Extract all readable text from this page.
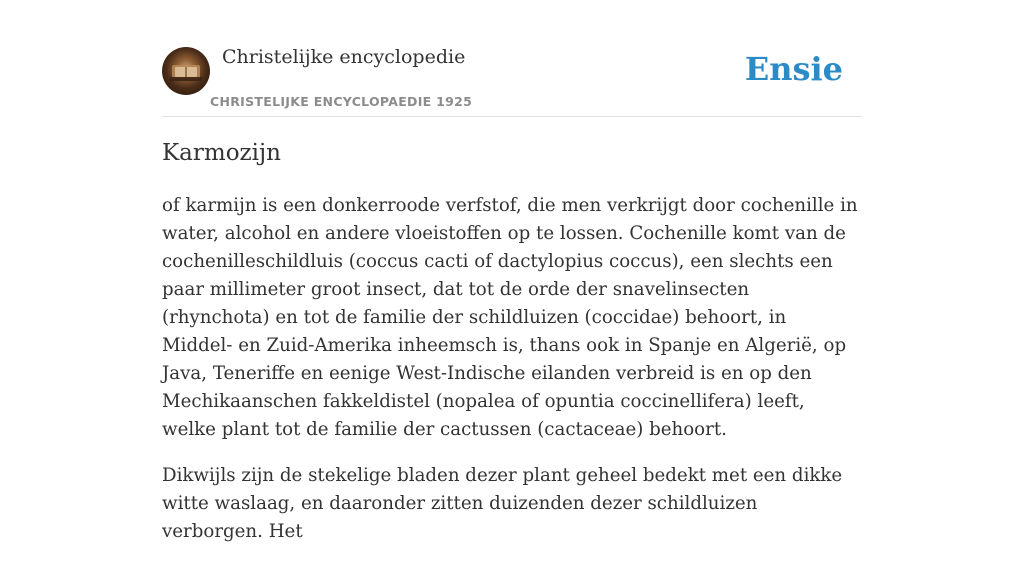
Christelijke encyclopedie
CHRISTELIJKE ENCYCLOPAEDIE 1925
Ensie
Karmozijn

of karmijn is een donkerroode verfstof, die men verkrijgt door cochenille in water, alcohol en andere vloeistoffen op te lossen. Cochenille komt van de cochenilleschildluis (coccus cacti of dactylopius coccus), een slechts een paar millimeter groot insect, dat tot de orde der snavelinsecten (rhynchota) en tot de familie der schildluizen (coccidae) behoort, in Middel- en Zuid-Amerika inheemsch is, thans ook in Spanje en Algerië, op Java, Teneriffe en eenige West-Indische eilanden verbreid is en op den Mechikaanschen fakkeldistel (nopalea of opuntia coccinellifera) leeft, welke plant tot de familie der cactussen (cactaceae) behoort.

Dikwijls zijn de stekelige bladen dezer plant geheel bedekt met een dikke witte waslaag, en daaronder zitten duizenden dezer schildluizen verborgen. Het
